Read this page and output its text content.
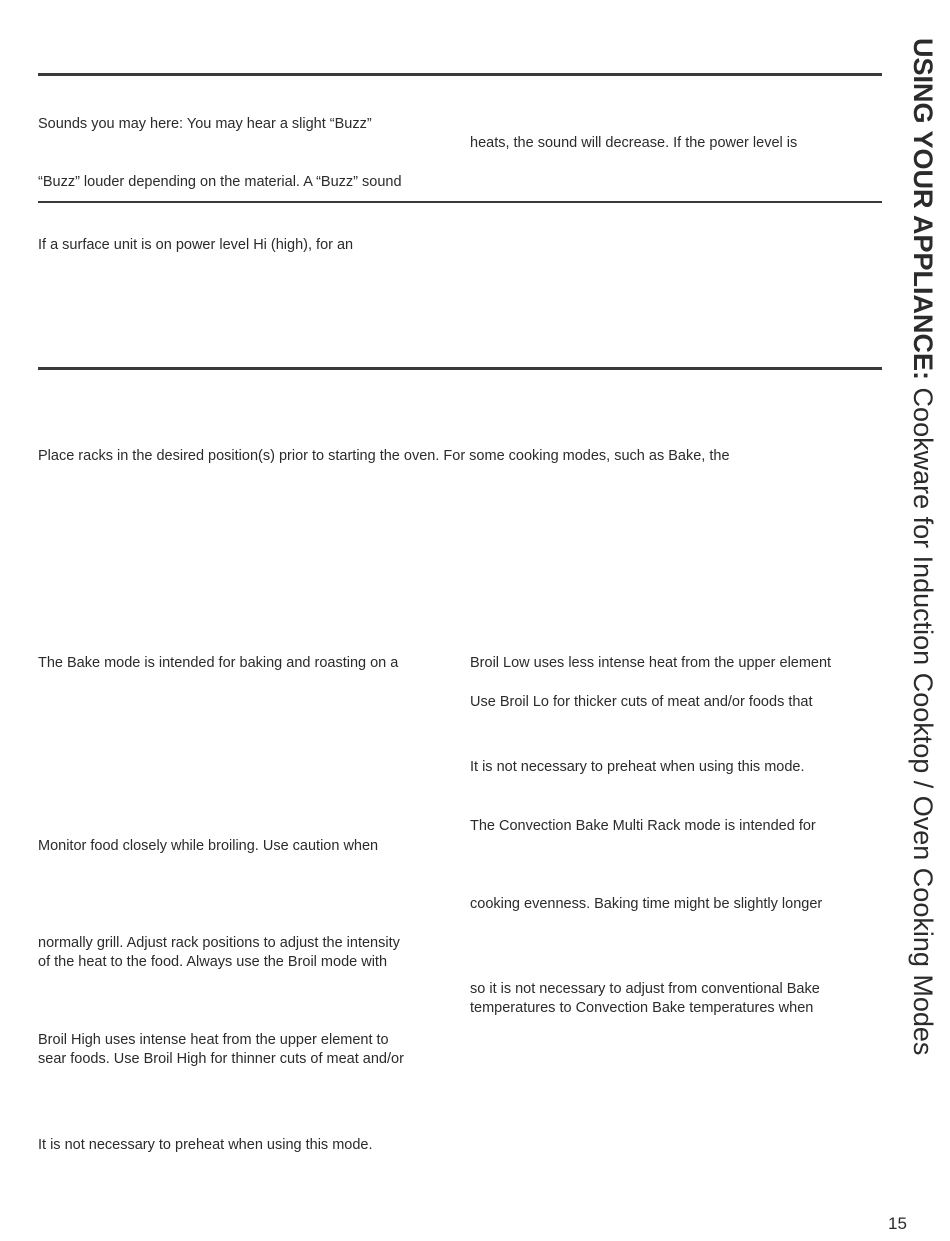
Sounds you may here: You may hear a slight “Buzz”
heats, the sound will decrease. If the power level is
“Buzz” louder depending on the material. A “Buzz” sound
If a surface unit is on power level Hi (high), for an
Place racks in the desired position(s) prior to starting the oven. For some cooking modes, such as Bake, the
The Bake mode is intended for baking and roasting on a	Broil Low uses less intense heat from the upper element
Use Broil Lo for thicker cuts of meat and/or foods that
It is not necessary to preheat when using this mode.
The Convection Bake Multi Rack mode is intended for
Monitor food closely while broiling. Use caution when
cooking evenness. Baking time might be slightly longer
normally grill. Adjust rack positions to adjust the intensity
of the heat to the food. Always use the Broil mode with
so it is not necessary to adjust from conventional Bake
temperatures to Convection Bake temperatures when
Broil High uses intense heat from the upper element to
sear foods. Use Broil High for thinner cuts of meat and/or
It is not necessary to preheat when using this mode.
USING YOUR APPLIANCE: Cookware for Induction Cooktop / Oven Cooking Modes
15
